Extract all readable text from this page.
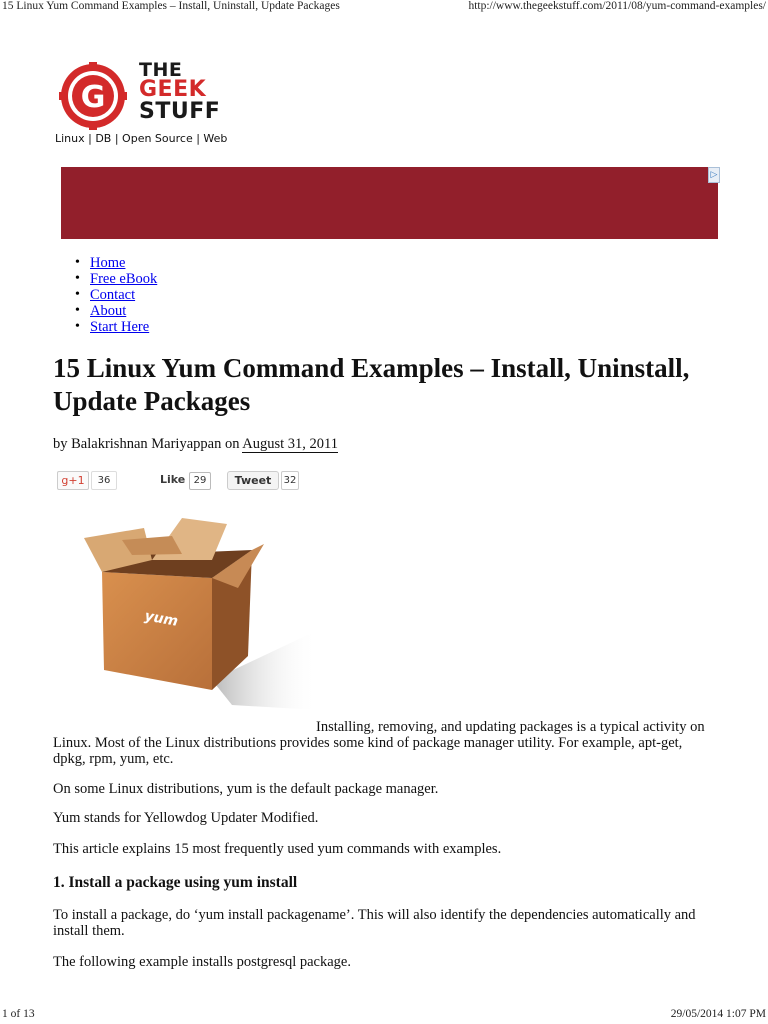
15 Linux Yum Command Examples – Install, Uninstall, Update Packages	http://www.thegeekstuff.com/2011/08/yum-command-examples/
G
THE
GEEK
STUFF
Linux | DB | Open Source | Web
▷
• Home
• Free eBook
• Contact
• About
• Start Here
15 Linux Yum Command Examples – Install, Uninstall, Update Packages
by Balakrishnan Mariyappan on August 31, 2011
g+1	36	Like 29	Tweet	32
yum

Installing, removing, and updating packages is a typical activity on Linux. Most of the Linux distributions provides some kind of package manager utility. For example, apt-get, dpkg, rpm, yum, etc.

On some Linux distributions, yum is the default package manager.

Yum stands for Yellowdog Updater Modified.

This article explains 15 most frequently used yum commands with examples.

1. Install a package using yum install

To install a package, do ‘yum install packagename’. This will also identify the dependencies automatically and install them.

The following example installs postgresql package.

1 of 13	29/05/2014 1:07 PM
